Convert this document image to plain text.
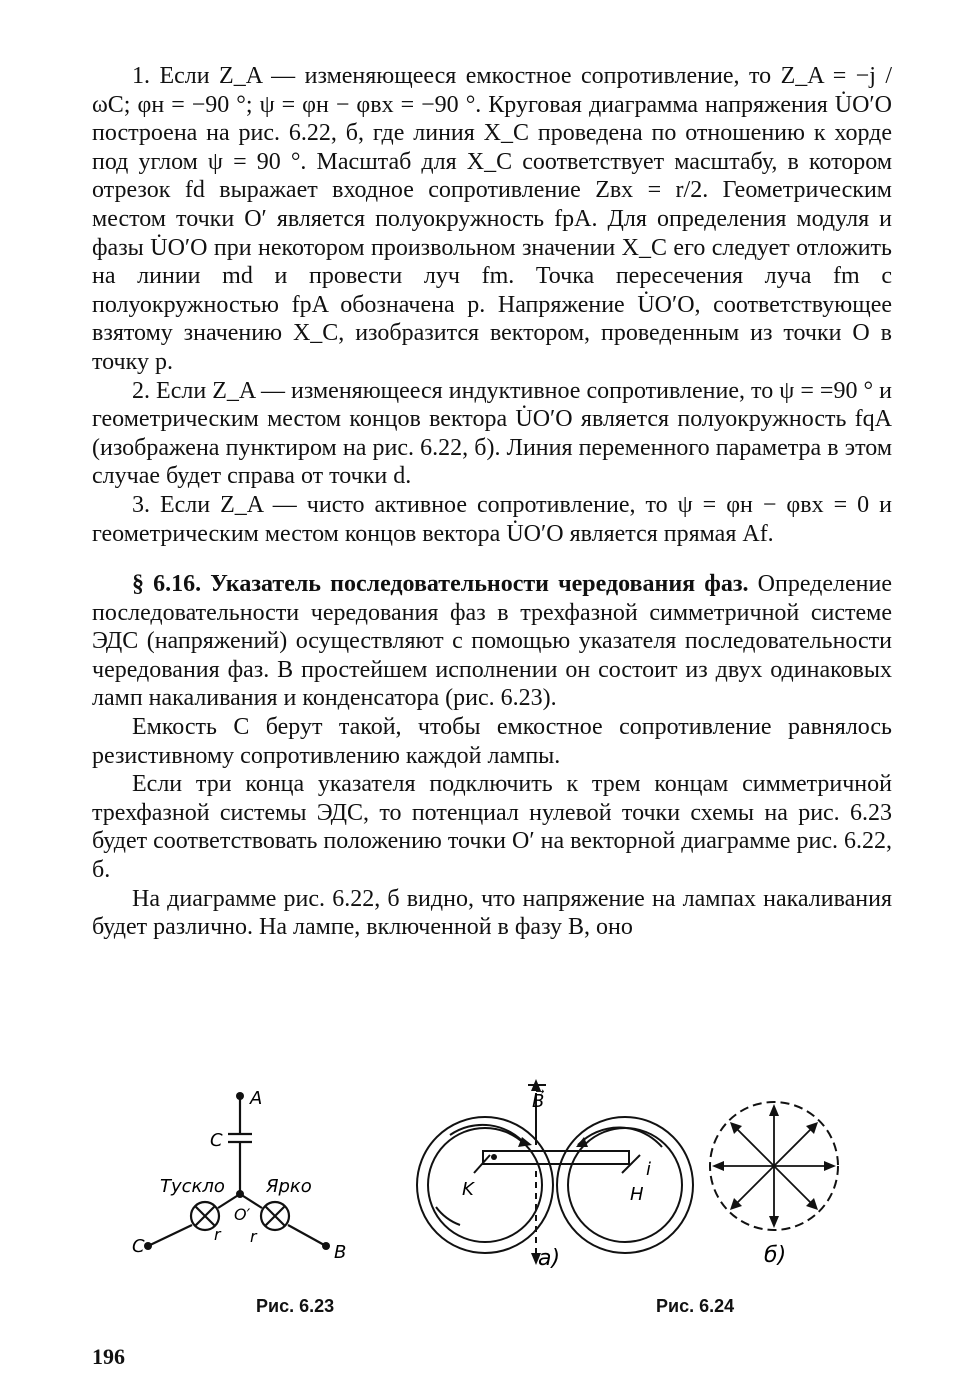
1. Если Z_A — изменяющееся емкостное сопротивление, то Z_A = −j /ωC; φн = −90 °; ψ = φн − φвх = −90 °. Круговая диаграмма напряжения U̇O′O построена на рис. 6.22, б, где линия X_C проведена по отношению к хорде под углом ψ = 90 °. Масштаб для X_C соответствует масштабу, в котором отрезок fd выражает входное сопротивление Zвх = r/2. Геометрическим местом точки O′ является полуокружность fpA. Для определения модуля и фазы U̇O′O при некотором произвольном значении X_C его следует отложить на линии md и провести луч fm. Точка пересечения луча fm с полуокружностью fpA обозначена p. Напряжение U̇O′O, соответствующее взятому значению X_C, изобразится вектором, проведенным из точки O в точку p.

2. Если Z_A — изменяющееся индуктивное сопротивление, то ψ = =90 ° и геометрическим местом концов вектора U̇O′O является полуокружность fqA (изображена пунктиром на рис. 6.22, б). Линия переменного параметра в этом случае будет справа от точки d.

3. Если Z_A — чисто активное сопротивление, то ψ = φн − φвх = 0 и геометрическим местом концов вектора U̇O′O является прямая Af.

§ 6.16. Указатель последовательности чередования фаз. Определение последовательности чередования фаз в трехфазной симметричной системе ЭДС (напряжений) осуществляют с помощью указателя последовательности чередования фаз. В простейшем исполнении он состоит из двух одинаковых ламп накаливания и конденсатора (рис. 6.23).

Емкость C берут такой, чтобы емкостное сопротивление равнялось резистивному сопротивлению каждой лампы.

Если три конца указателя подключить к трем концам симметричной трехфазной системы ЭДС, то потенциал нулевой точки схемы на рис. 6.23 будет соответствовать положению точки O′ на векторной диаграмме рис. 6.22, б.

На диаграмме рис. 6.22, б видно, что напряжение на лампах накаливания будет различно. На лампе, включенной в фазу B, оно

A
C
Тускло Ярко
O′
r r
C	B
B⃗
K	H
i
а)	б)
Рис. 6.23	Рис. 6.24
196
